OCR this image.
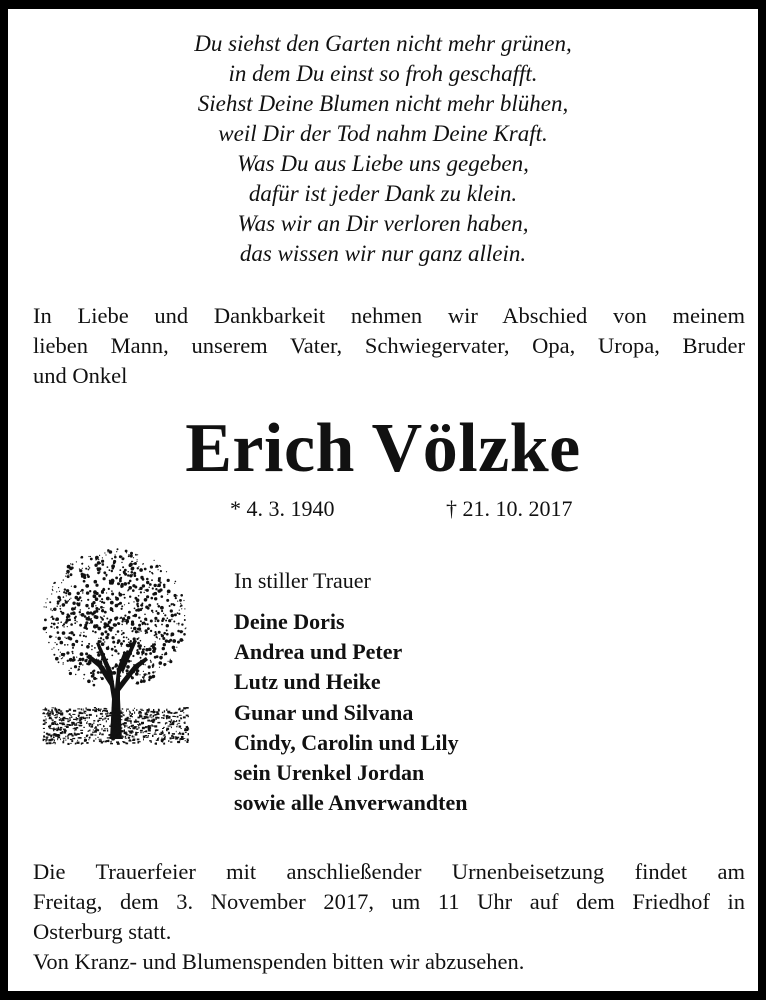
Du siehst den Garten nicht mehr grünen,
in dem Du einst so froh geschafft.
Siehst Deine Blumen nicht mehr blühen,
weil Dir der Tod nahm Deine Kraft.
Was Du aus Liebe uns gegeben,
dafür ist jeder Dank zu klein.
Was wir an Dir verloren haben,
das wissen wir nur ganz allein.
In Liebe und Dankbarkeit nehmen wir Abschied von meinem
lieben Mann, unserem Vater, Schwiegervater, Opa, Uropa, Bruder
und Onkel
Erich Völzke
* 4. 3. 1940	† 21. 10. 2017
In stiller Trauer
Deine Doris
Andrea und Peter
Lutz und Heike
Gunar und Silvana
Cindy, Carolin und Lily
sein Urenkel Jordan
sowie alle Anverwandten
Die Trauerfeier mit anschließender Urnenbeisetzung findet am
Freitag, dem 3. November 2017, um 11 Uhr auf dem Friedhof in
Osterburg statt.
Von Kranz- und Blumenspenden bitten wir abzusehen.
